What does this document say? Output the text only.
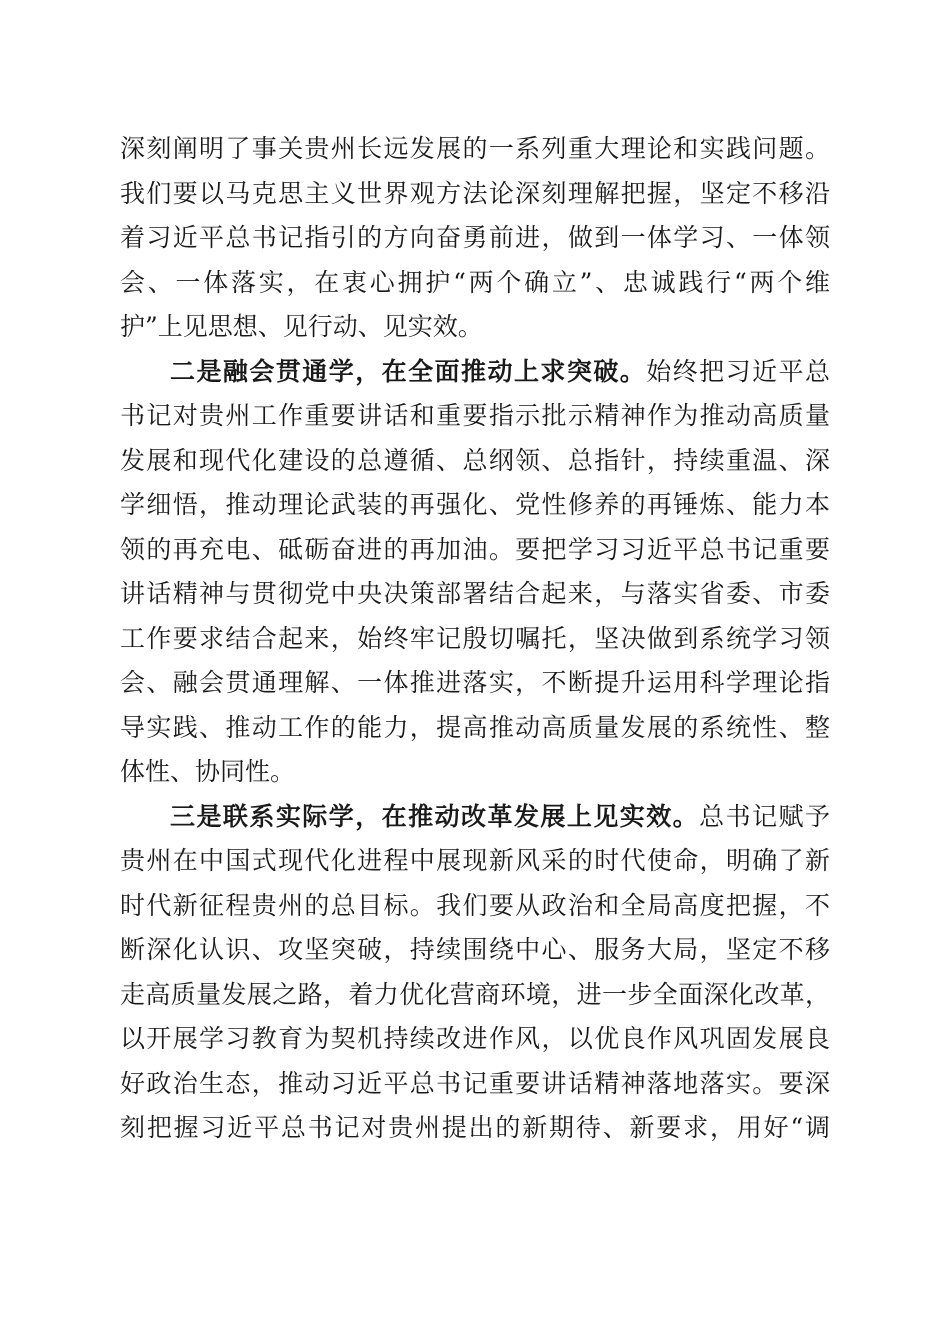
深刻阐明了事关贵州长远发展的一系列重大理论和实践问题。
我们要以马克思主义世界观方法论深刻理解把握，坚定不移沿
着习近平总书记指引的方向奋勇前进，做到一体学习、一体领
会、一体落实，在衷心拥护“两个确立”、忠诚践行“两个维
护”上见思想、见行动、见实效。
二是融会贯通学，在全面推动上求突破。始终把习近平总
书记对贵州工作重要讲话和重要指示批示精神作为推动高质量
发展和现代化建设的总遵循、总纲领、总指针，持续重温、深
学细悟，推动理论武装的再强化、党性修养的再锤炼、能力本
领的再充电、砥砺奋进的再加油。要把学习习近平总书记重要
讲话精神与贯彻党中央决策部署结合起来，与落实省委、市委
工作要求结合起来，始终牢记殷切嘱托，坚决做到系统学习领
会、融会贯通理解、一体推进落实，不断提升运用科学理论指
导实践、推动工作的能力，提高推动高质量发展的系统性、整
体性、协同性。
三是联系实际学，在推动改革发展上见实效。总书记赋予
贵州在中国式现代化进程中展现新风采的时代使命，明确了新
时代新征程贵州的总目标。我们要从政治和全局高度把握，不
断深化认识、攻坚突破，持续围绕中心、服务大局，坚定不移
走高质量发展之路，着力优化营商环境，进一步全面深化改革，
以开展学习教育为契机持续改进作风，以优良作风巩固发展良
好政治生态，推动习近平总书记重要讲话精神落地落实。要深
刻把握习近平总书记对贵州提出的新期待、新要求，用好“调
